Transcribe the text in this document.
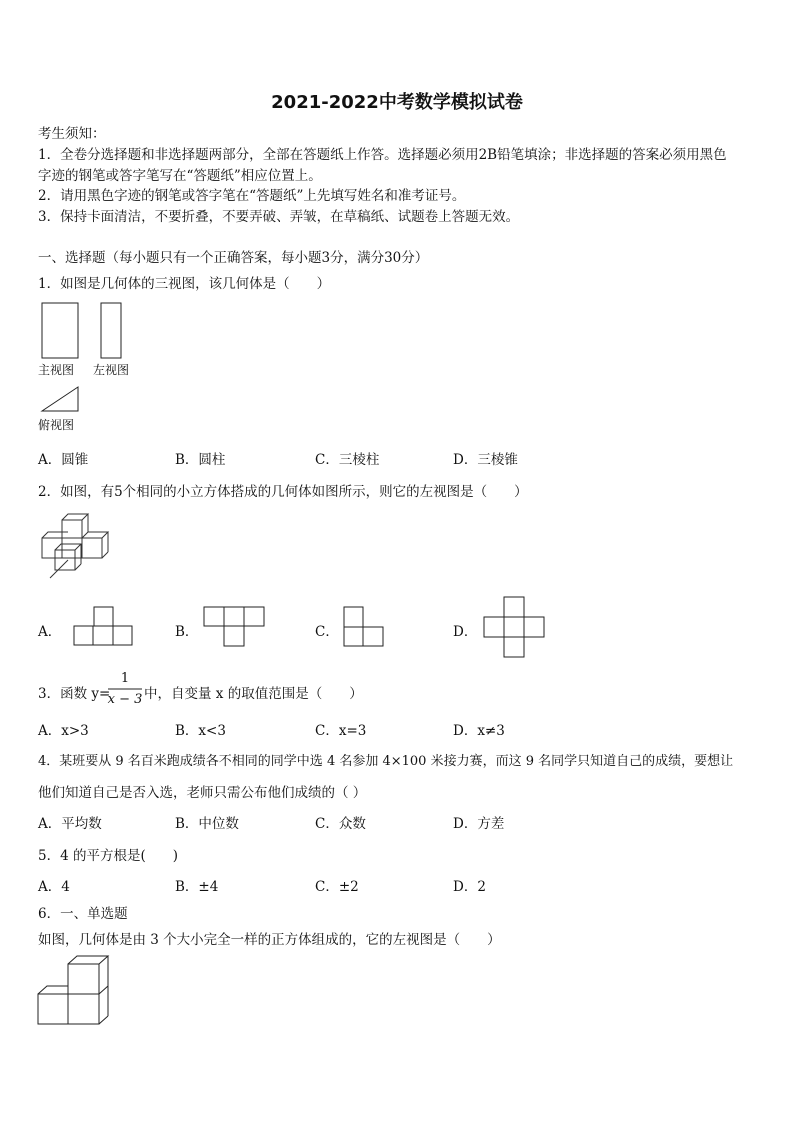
2021-2022中考数学模拟试卷
考生须知：
1．全卷分选择题和非选择题两部分，全部在答题纸上作答。选择题必须用2B铅笔填涂；非选择题的答案必须用黑色
字迹的钢笔或答字笔写在“答题纸”相应位置上。
2．请用黑色字迹的钢笔或答字笔在“答题纸”上先填写姓名和准考证号。
3．保持卡面清洁，不要折叠，不要弄破、弄皱，在草稿纸、试题卷上答题无效。
一、选择题（每小题只有一个正确答案，每小题3分，满分30分）
1．如图是几何体的三视图，该几何体是（　　）
主视图 左视图
俯视图
A．圆锥	B．圆柱	C．三棱柱	D．三棱锥
2．如图，有5个相同的小立方体搭成的几何体如图所示，则它的左视图是（　　）
A．	B．	C．	D．
3．函数 y=
1
x − 3 中，自变量 x 的取值范围是（　　）
A．x>3	B．x<3	C．x=3	D．x≠3
4．某班要从 9 名百米跑成绩各不相同的同学中选 4 名参加 4×100 米接力赛，而这 9 名同学只知道自己的成绩，要想让
他们知道自己是否入选，老师只需公布他们成绩的（ ）
A．平均数	B．中位数	C．众数	D．方差
5．4 的平方根是(　　)
A．4	B．±4	C．±2	D．2
6．一、单选题
如图，几何体是由 3 个大小完全一样的正方体组成的，它的左视图是（　　）
